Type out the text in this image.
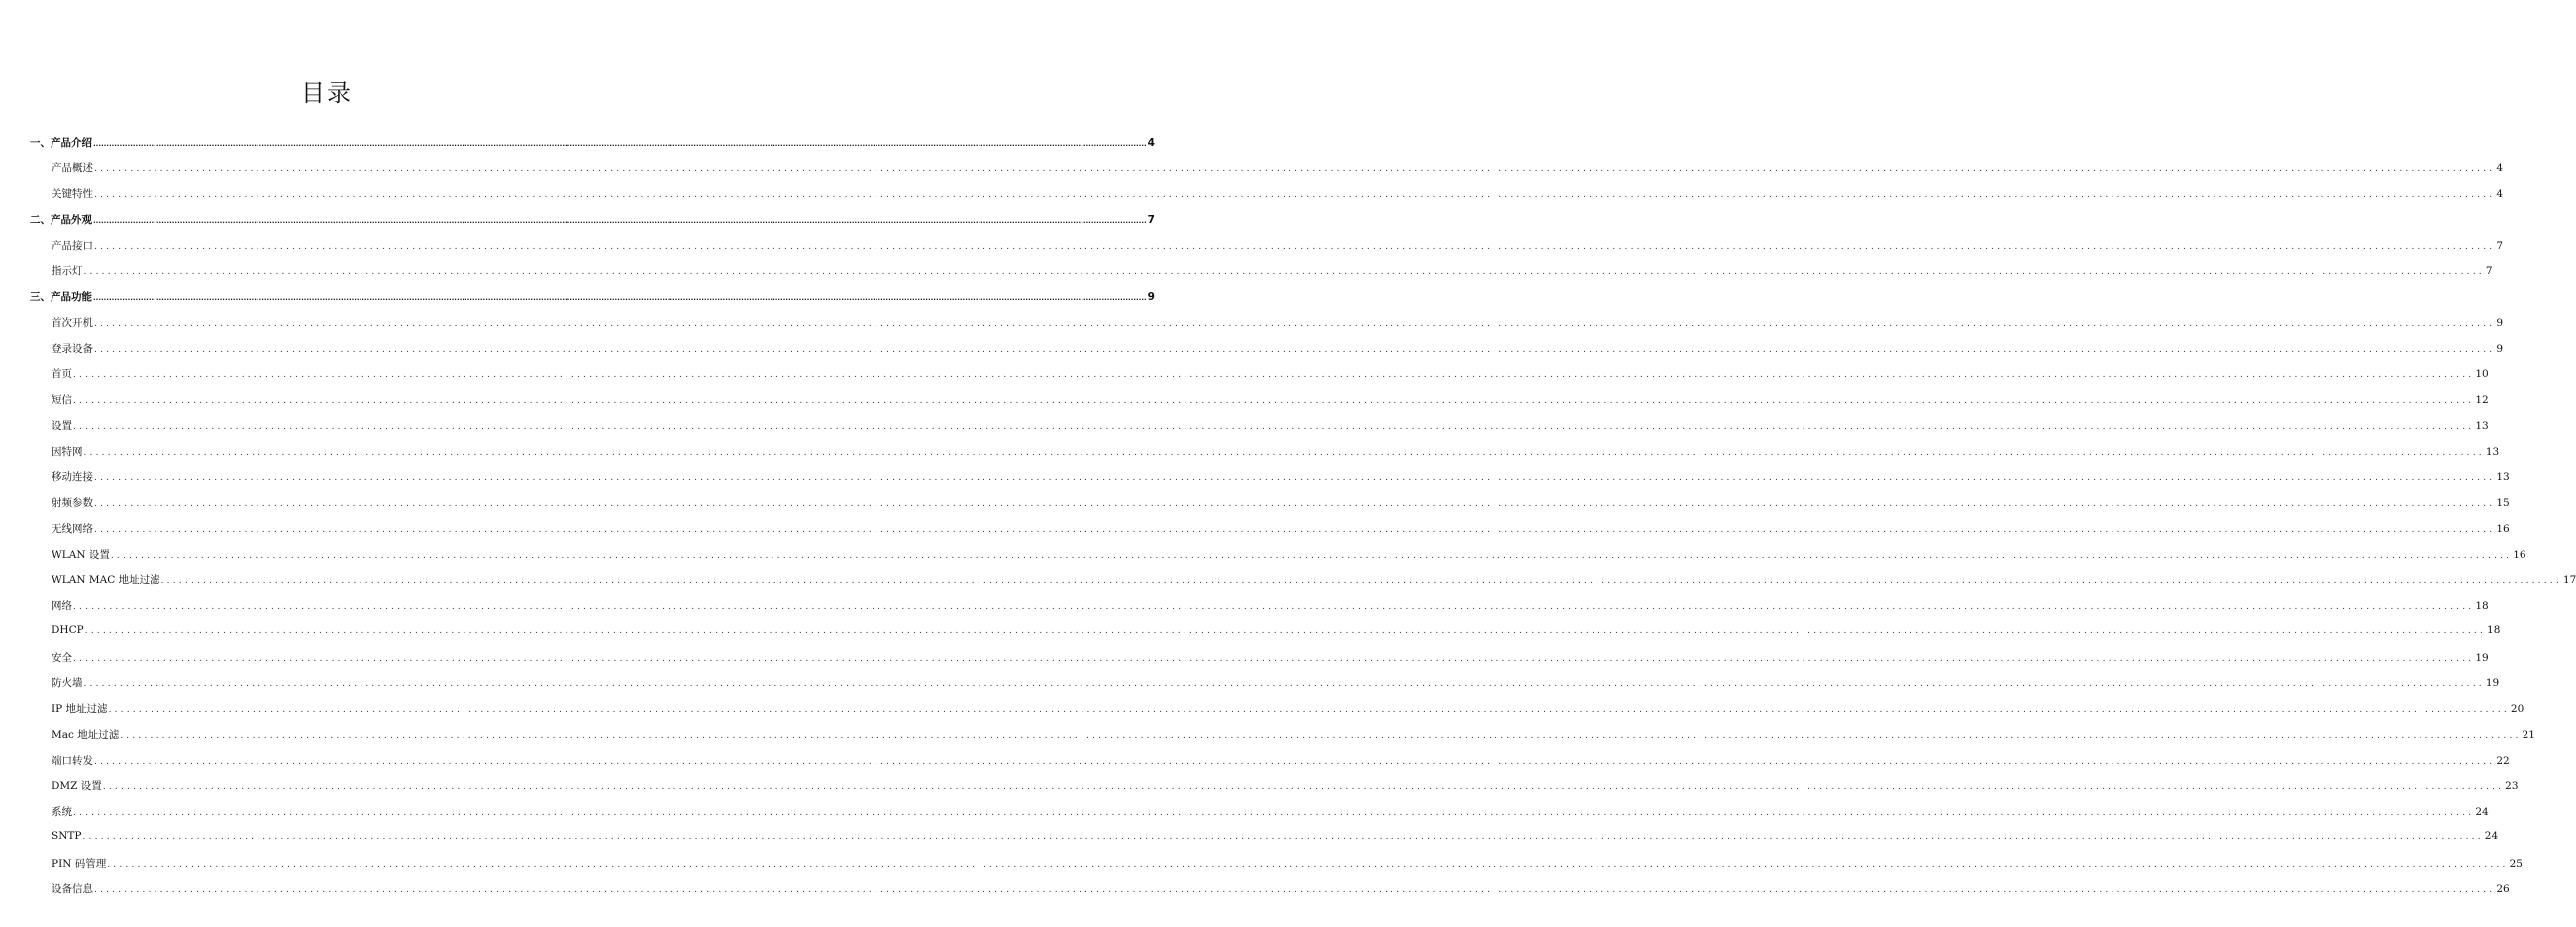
目录
一、产品介绍 ................................................................................................................................................................................................................................................................................................................................................................................................................ 4
产品概述 ................................................................................................................................................................................................................................................................................................................................................................................................................ 4
关键特性 ................................................................................................................................................................................................................................................................................................................................................................................................................ 4
二、产品外观 ................................................................................................................................................................................................................................................................................................................................................................................................................ 7
产品接口 ................................................................................................................................................................................................................................................................................................................................................................................................................ 7
指示灯 ................................................................................................................................................................................................................................................................................................................................................................................................................ 7
三、产品功能 ................................................................................................................................................................................................................................................................................................................................................................................................................ 9
首次开机 ................................................................................................................................................................................................................................................................................................................................................................................................................ 9
登录设备 ................................................................................................................................................................................................................................................................................................................................................................................................................ 9
首页 ................................................................................................................................................................................................................................................................................................................................................................................................................ 10
短信 ................................................................................................................................................................................................................................................................................................................................................................................................................ 12
设置 ................................................................................................................................................................................................................................................................................................................................................................................................................ 13
因特网 ................................................................................................................................................................................................................................................................................................................................................................................................................ 13
移动连接 ................................................................................................................................................................................................................................................................................................................................................................................................................ 13
射频参数 ................................................................................................................................................................................................................................................................................................................................................................................................................ 15
无线网络 ................................................................................................................................................................................................................................................................................................................................................................................................................ 16
WLAN 设置 ................................................................................................................................................................................................................................................................................................................................................................................................................ 16
WLAN MAC 地址过滤 ................................................................................................................................................................................................................................................................................................................................................................................................................ 17
网络 ................................................................................................................................................................................................................................................................................................................................................................................................................ 18
DHCP ................................................................................................................................................................................................................................................................................................................................................................................................................ 18
安全 ................................................................................................................................................................................................................................................................................................................................................................................................................ 19
防火墙 ................................................................................................................................................................................................................................................................................................................................................................................................................ 19
IP 地址过滤 ................................................................................................................................................................................................................................................................................................................................................................................................................ 20
Mac 地址过滤 ................................................................................................................................................................................................................................................................................................................................................................................................................ 21
端口转发 ................................................................................................................................................................................................................................................................................................................................................................................................................ 22
DMZ 设置 ................................................................................................................................................................................................................................................................................................................................................................................................................ 23
系统 ................................................................................................................................................................................................................................................................................................................................................................................................................ 24
SNTP ................................................................................................................................................................................................................................................................................................................................................................................................................ 24
PIN 码管理 ................................................................................................................................................................................................................................................................................................................................................................................................................ 25
设备信息 ................................................................................................................................................................................................................................................................................................................................................................................................................ 26
